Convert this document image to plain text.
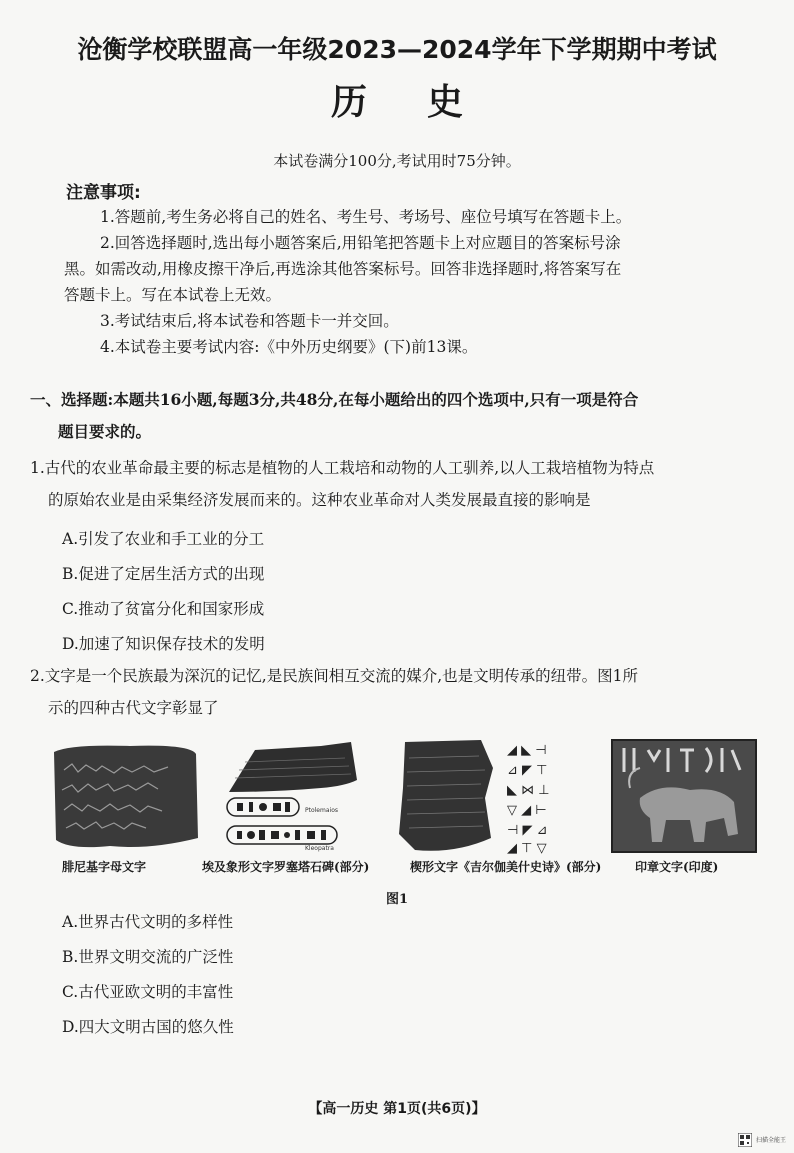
沧衡学校联盟高一年级2023—2024学年下学期期中考试
历史
本试卷满分100分,考试用时75分钟。
注意事项:
1.答题前,考生务必将自己的姓名、考生号、考场号、座位号填写在答题卡上。
2.回答选择题时,选出每小题答案后,用铅笔把答题卡上对应题目的答案标号涂
黑。如需改动,用橡皮擦干净后,再选涂其他答案标号。回答非选择题时,将答案写在
答题卡上。写在本试卷上无效。
3.考试结束后,将本试卷和答题卡一并交回。
4.本试卷主要考试内容:《中外历史纲要》(下)前13课。
一、选择题:本题共16小题,每题3分,共48分,在每小题给出的四个选项中,只有一项是符合
题目要求的。
1.古代的农业革命最主要的标志是植物的人工栽培和动物的人工驯养,以人工栽培植物为特点
的原始农业是由采集经济发展而来的。这种农业革命对人类发展最直接的影响是
A.引发了农业和手工业的分工
B.促进了定居生活方式的出现
C.推动了贫富分化和国家形成
D.加速了知识保存技术的发明
2.文字是一个民族最为深沉的记忆,是民族间相互交流的媒介,也是文明传承的纽带。图1所
示的四种古代文字彰显了
Ptolemaios
Kleopatra
◢ ◣ ⊣
⊿ ◤ ⊤
◣ ⋈ ⊥
▽ ◢ ⊢
⊣ ◤ ⊿
◢ ⊤ ▽
腓尼基字母文字	埃及象形文字罗塞塔石碑(部分)	楔形文字《吉尔伽美什史诗》(部分)	印章文字(印度)
图1
A.世界古代文明的多样性
B.世界文明交流的广泛性
C.古代亚欧文明的丰富性
D.四大文明古国的悠久性
【高一历史 第1页(共6页)】
扫描全能王
